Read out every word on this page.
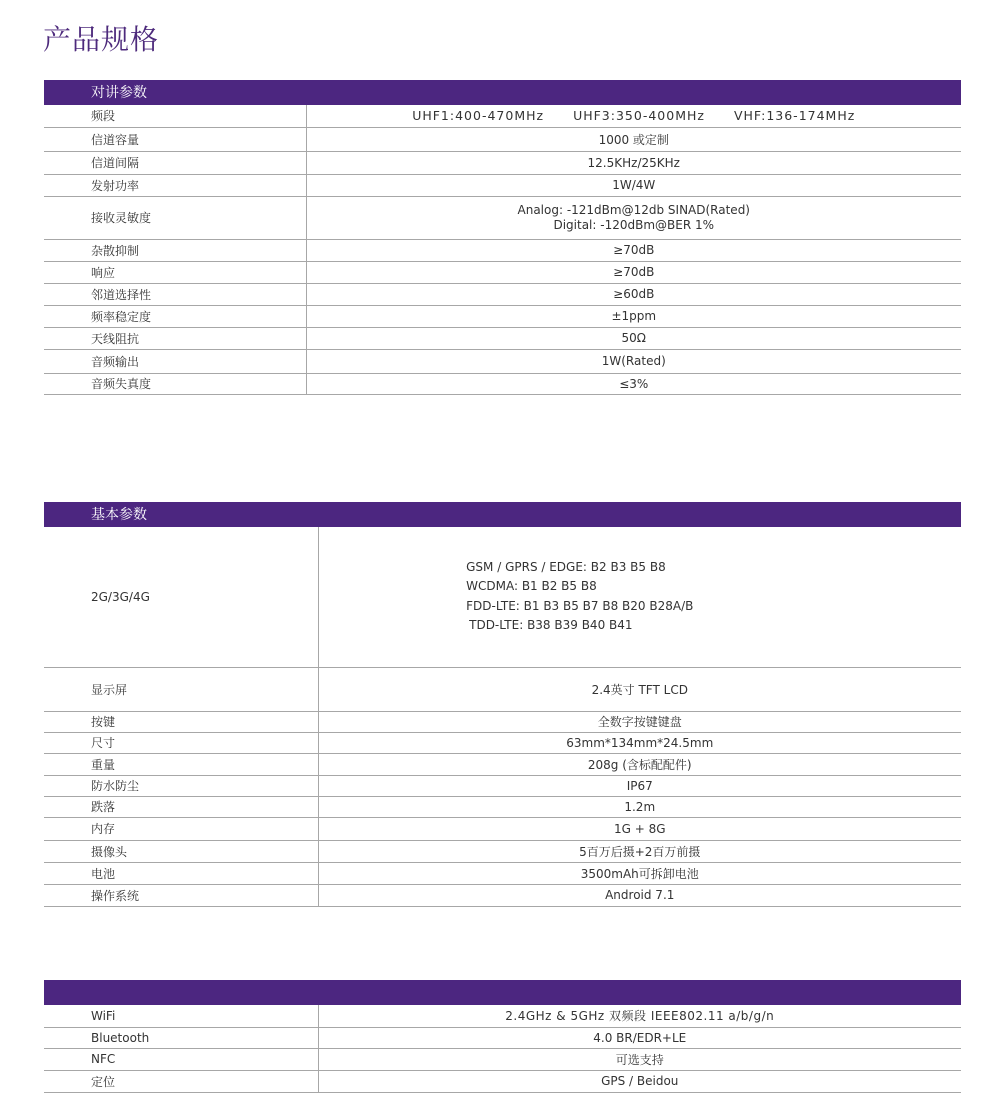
产品规格
对讲参数
频段	UHF1:400-470MHz UHF3:350-400MHz VHF:136-174MHz
信道容量	1000 或定制
信道间隔	12.5KHz/25KHz
发射功率	1W/4W
接收灵敏度	Analog: -121dBm@12db SINAD(Rated)
Digital: -120dBm@BER 1%

杂散抑制	≥70dB
响应	≥70dB
邻道选择性	≥60dB
频率稳定度	±1ppm
天线阻抗	50Ω
音频输出	1W(Rated)
音频失真度	≤3%
基本参数
2G/3G/4G	GSM / GPRS / EDGE: B2 B3 B5 B8
WCDMA: B1 B2 B5 B8
FDD-LTE: B1 B3 B5 B7 B8 B20 B28A/B
TDD-LTE: B38 B39 B40 B41

显示屏	2.4英寸 TFT LCD
按键	全数字按键键盘
尺寸	63mm*134mm*24.5mm
重量	208g (含标配配件)
防水防尘	IP67
跌落	1.2m
内存	1G + 8G
摄像头	5百万后摄+2百万前摄
电池	3500mAh可拆卸电池
操作系统	Android 7.1
WiFi	2.4GHz & 5GHz 双频段 IEEE802.11 a/b/g/n
Bluetooth	4.0 BR/EDR+LE
NFC	可选支持
定位	GPS / Beidou
